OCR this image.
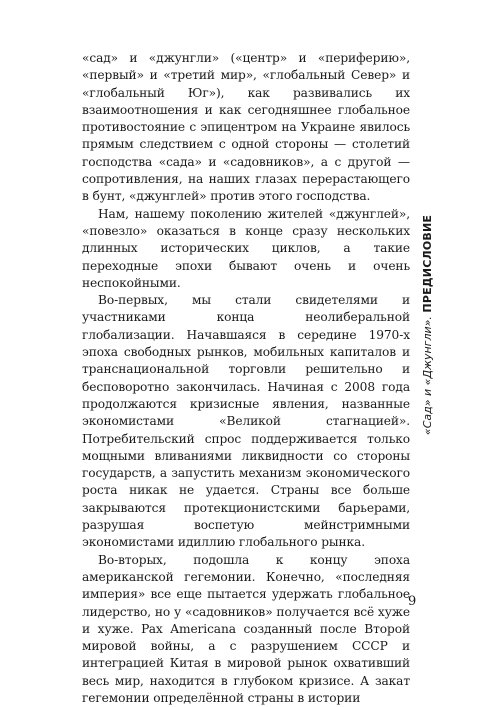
«сад» и «джунгли» («центр» и «периферию», «первый» и «третий мир», «глобальный Север» и «глобальный Юг»), как развивались их взаимоотношения и как сегодняшнее глобальное противостояние с эпицентром на Украине явилось прямым следствием с одной стороны — столетий господства «сада» и «садовников», а с другой — сопротивления, на наших глазах перерастающего в бунт, «джунглей» против этого господства.

Нам, нашему поколению жителей «джунглей», «повезло» оказаться в конце сразу нескольких длинных исторических циклов, а такие переходные эпохи бывают очень и очень неспокойными.

Во-первых, мы стали свидетелями и участниками конца неолиберальной глобализации. Начавшаяся в середине 1970-х эпоха свободных рынков, мобильных капиталов и транснациональной торговли решительно и бесповоротно закончилась. Начиная с 2008 года продолжаются кризисные явления, названные экономистами «Великой стагнацией». Потребительский спрос поддерживается только мощными вливаниями ликвидности со стороны государств, а запустить механизм экономического роста никак не удается. Страны все больше закрываются протекционистскими барьерами, разрушая воспетую мейнстримными экономистами идиллию глобального рынка.

Во-вторых, подошла к концу эпоха американской гегемонии. Конечно, «последняя империя» все еще пытается удержать глобальное лидерство, но у «садовников» получается всё хуже и хуже. Pax Americana созданный после Второй мировой войны, а с разрушением СССР и интеграцией Китая в мировой рынок охвативший весь мир, находится в глубоком кризисе. А закат гегемонии определённой страны в истории

«Сад» и «Джунгли». ПРЕДИСЛОВИЕ
9
